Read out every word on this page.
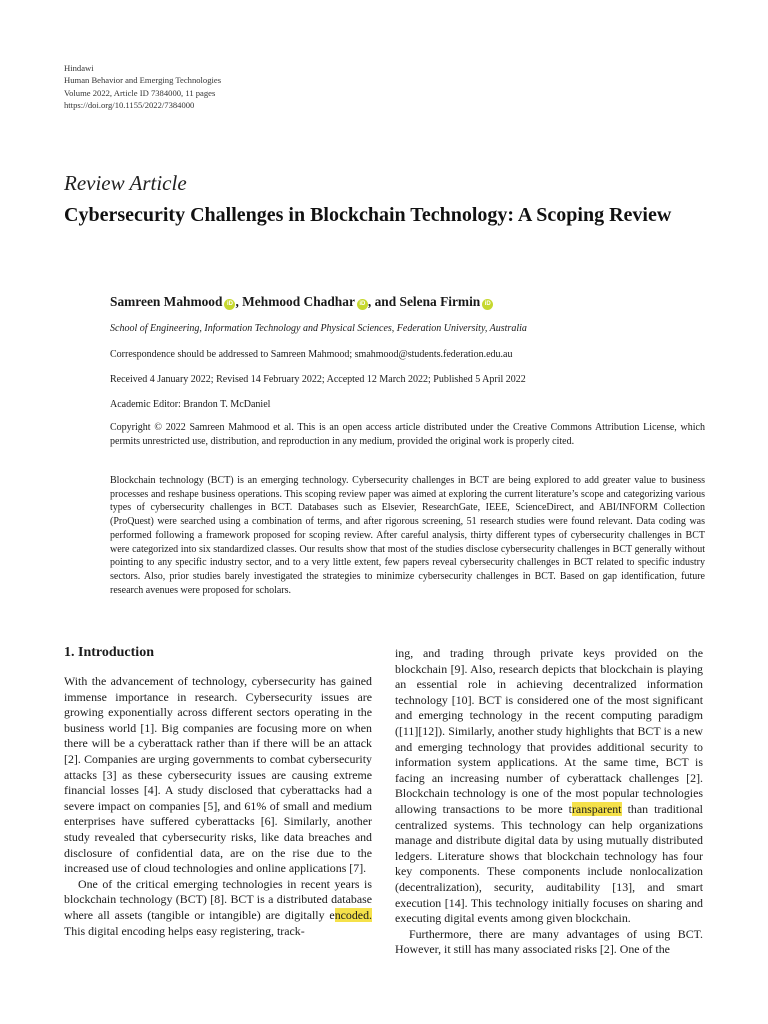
Hindawi
Human Behavior and Emerging Technologies
Volume 2022, Article ID 7384000, 11 pages
https://doi.org/10.1155/2022/7384000
Review Article
Cybersecurity Challenges in Blockchain Technology: A Scoping Review
Samreen Mahmood iD , Mehmood Chadhar iD , and Selena Firmin iD
School of Engineering, Information Technology and Physical Sciences, Federation University, Australia
Correspondence should be addressed to Samreen Mahmood; smahmood@students.federation.edu.au
Received 4 January 2022; Revised 14 February 2022; Accepted 12 March 2022; Published 5 April 2022
Academic Editor: Brandon T. McDaniel
Copyright © 2022 Samreen Mahmood et al. This is an open access article distributed under the Creative Commons Attribution License, which permits unrestricted use, distribution, and reproduction in any medium, provided the original work is properly cited.
Blockchain technology (BCT) is an emerging technology. Cybersecurity challenges in BCT are being explored to add greater value to business processes and reshape business operations. This scoping review paper was aimed at exploring the current literature’s scope and categorizing various types of cybersecurity challenges in BCT. Databases such as Elsevier, ResearchGate, IEEE, ScienceDirect, and ABI/INFORM Collection (ProQuest) were searched using a combination of terms, and after rigorous screening, 51 research studies were found relevant. Data coding was performed following a framework proposed for scoping review. After careful analysis, thirty different types of cybersecurity challenges in BCT were categorized into six standardized classes. Our results show that most of the studies disclose cybersecurity challenges in BCT generally without pointing to any specific industry sector, and to a very little extent, few papers reveal cybersecurity challenges in BCT related to specific industry sectors. Also, prior studies barely investigated the strategies to minimize cybersecurity challenges in BCT. Based on gap identification, future research avenues were proposed for scholars.
1. Introduction

With the advancement of technology, cybersecurity has gained immense importance in research. Cybersecurity issues are growing exponentially across different sectors operating in the business world [1]. Big companies are focusing more on when there will be a cyberattack rather than if there will be an attack [2]. Companies are urging governments to combat cybersecurity attacks [3] as these cybersecurity issues are causing extreme financial losses [4]. A study disclosed that cyberattacks had a severe impact on companies [5], and 61% of small and medium enterprises have suffered cyberattacks [6]. Similarly, another study revealed that cybersecurity risks, like data breaches and disclosure of confidential data, are on the rise due to the increased use of cloud technologies and online applications [7].

One of the critical emerging technologies in recent years is blockchain technology (BCT) [8]. BCT is a distributed database where all assets (tangible or intangible) are digitally encoded. This digital encoding helps easy registering, track-

ing, and trading through private keys provided on the blockchain [9]. Also, research depicts that blockchain is playing an essential role in achieving decentralized information technology [10]. BCT is considered one of the most significant and emerging technology in the recent computing paradigm ([11][12]). Similarly, another study highlights that BCT is a new and emerging technology that provides additional security to information system applications. At the same time, BCT is facing an increasing number of cyberattack challenges [2]. Blockchain technology is one of the most popular technologies allowing transactions to be more transparent than traditional centralized systems. This technology can help organizations manage and distribute digital data by using mutually distributed ledgers. Literature shows that blockchain technology has four key components. These components include nonlocalization (decentralization), security, auditability [13], and smart execution [14]. This technology initially focuses on sharing and executing digital events among given blockchain.

Furthermore, there are many advantages of using BCT. However, it still has many associated risks [2]. One of the
